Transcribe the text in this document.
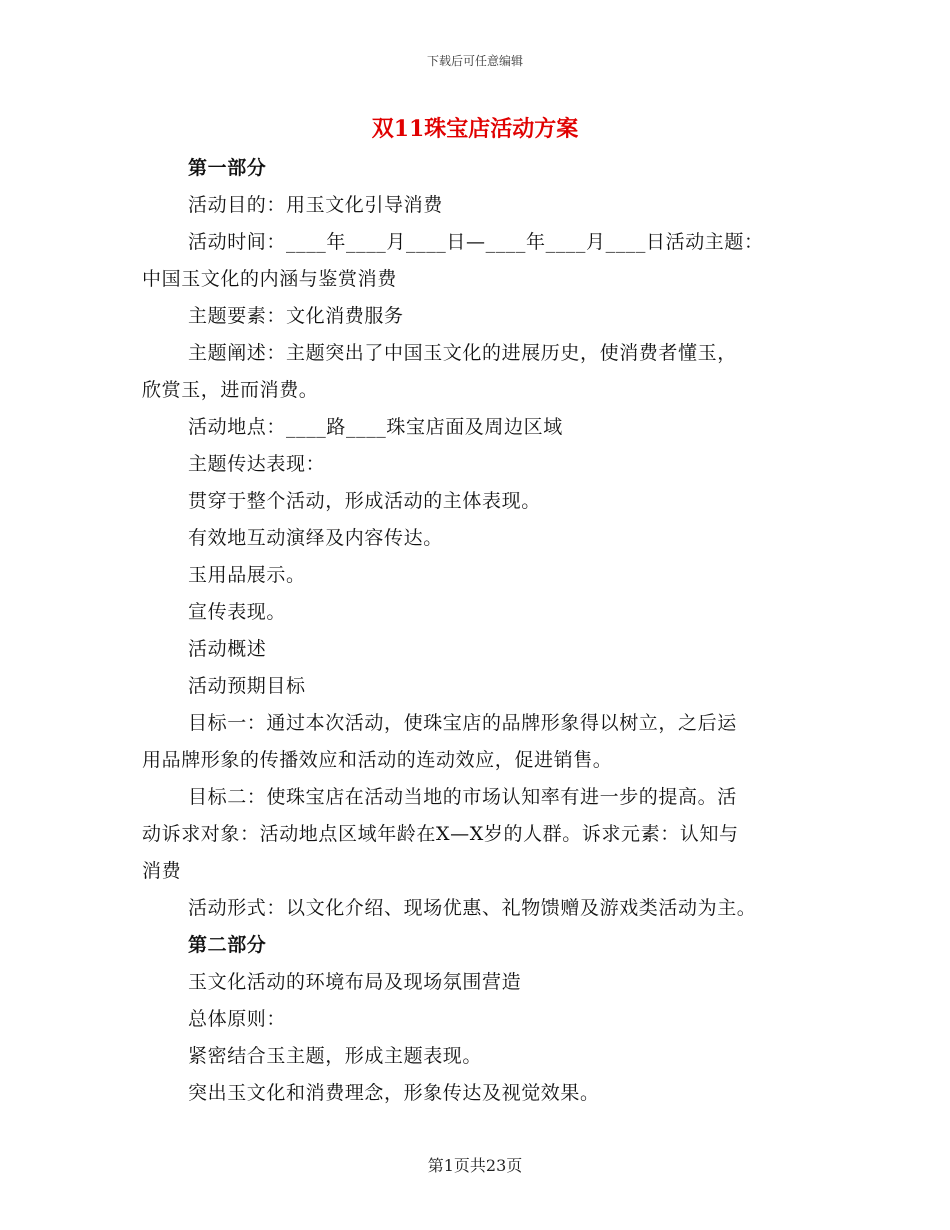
下载后可任意编辑
双11珠宝店活动方案
第一部分
活动目的：用玉文化引导消费
活动时间：____年____月____日—____年____月____日活动主题：
中国玉文化的内涵与鉴赏消费
主题要素：文化消费服务
主题阐述：主题突出了中国玉文化的进展历史，使消费者懂玉，
欣赏玉，进而消费。
活动地点：____路____珠宝店面及周边区域
主题传达表现：
贯穿于整个活动，形成活动的主体表现。
有效地互动演绎及内容传达。
玉用品展示。
宣传表现。
活动概述
活动预期目标
目标一：通过本次活动，使珠宝店的品牌形象得以树立，之后运
用品牌形象的传播效应和活动的连动效应，促进销售。
目标二：使珠宝店在活动当地的市场认知率有进一步的提高。活
动诉求对象：活动地点区域年龄在X—X岁的人群。诉求元素：认知与
消费
活动形式：以文化介绍、现场优惠、礼物馈赠及游戏类活动为主。
第二部分
玉文化活动的环境布局及现场氛围营造
总体原则：
紧密结合玉主题，形成主题表现。
突出玉文化和消费理念，形象传达及视觉效果。
第1页共23页
